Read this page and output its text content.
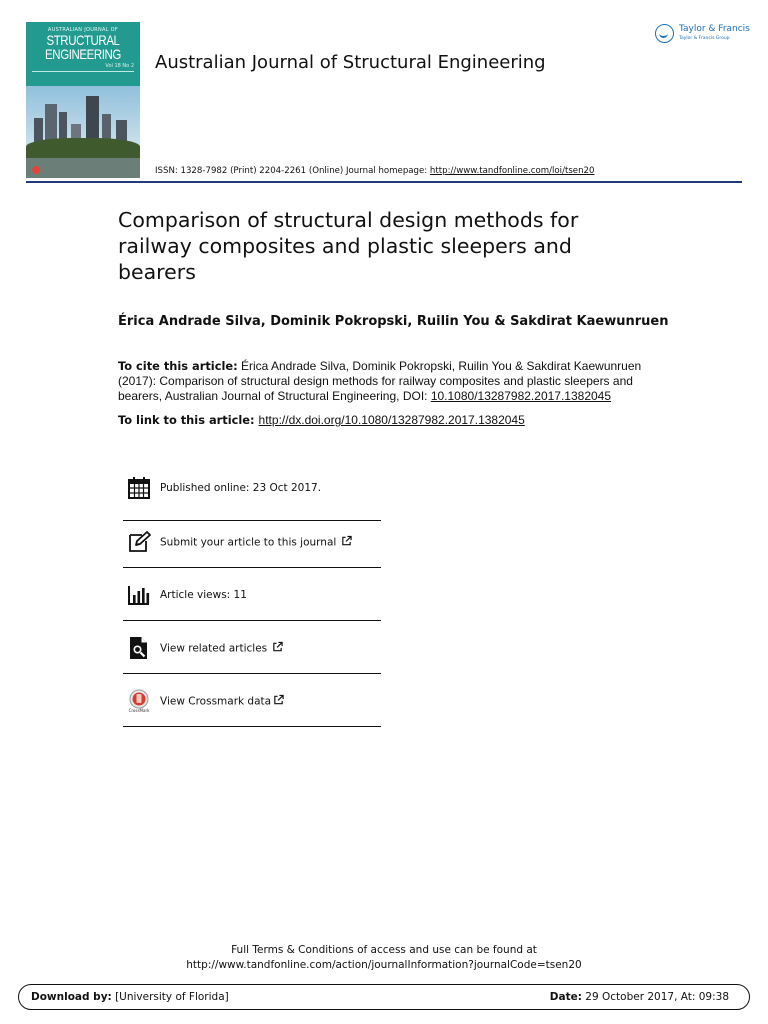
AUSTRALIAN JOURNAL OF
STRUCTURAL
ENGINEERING
Vol 18 No 2 Australian Journal of Structural Engineering
ISSN: 1328-7982 (Print) 2204-2261 (Online) Journal homepage: http://www.tandfonline.com/loi/tsen20
Taylor & Francis
Taylor & Francis Group
Comparison of structural design methods for railway composites and plastic sleepers and bearers
Érica Andrade Silva, Dominik Pokropski, Ruilin You & Sakdirat Kaewunruen
To cite this article: Érica Andrade Silva, Dominik Pokropski, Ruilin You & Sakdirat Kaewunruen (2017): Comparison of structural design methods for railway composites and plastic sleepers and bearers, Australian Journal of Structural Engineering, DOI: 10.1080/13287982.2017.1382045
To link to this article: http://dx.doi.org/10.1080/13287982.2017.1382045
Published online: 23 Oct 2017.
Submit your article to this journal
Article views: 11
View related articles
CrossMark
View Crossmark data
Full Terms & Conditions of access and use can be found at
http://www.tandfonline.com/action/journalInformation?journalCode=tsen20
Download by: [University of Florida]	Date: 29 October 2017, At: 09:38
